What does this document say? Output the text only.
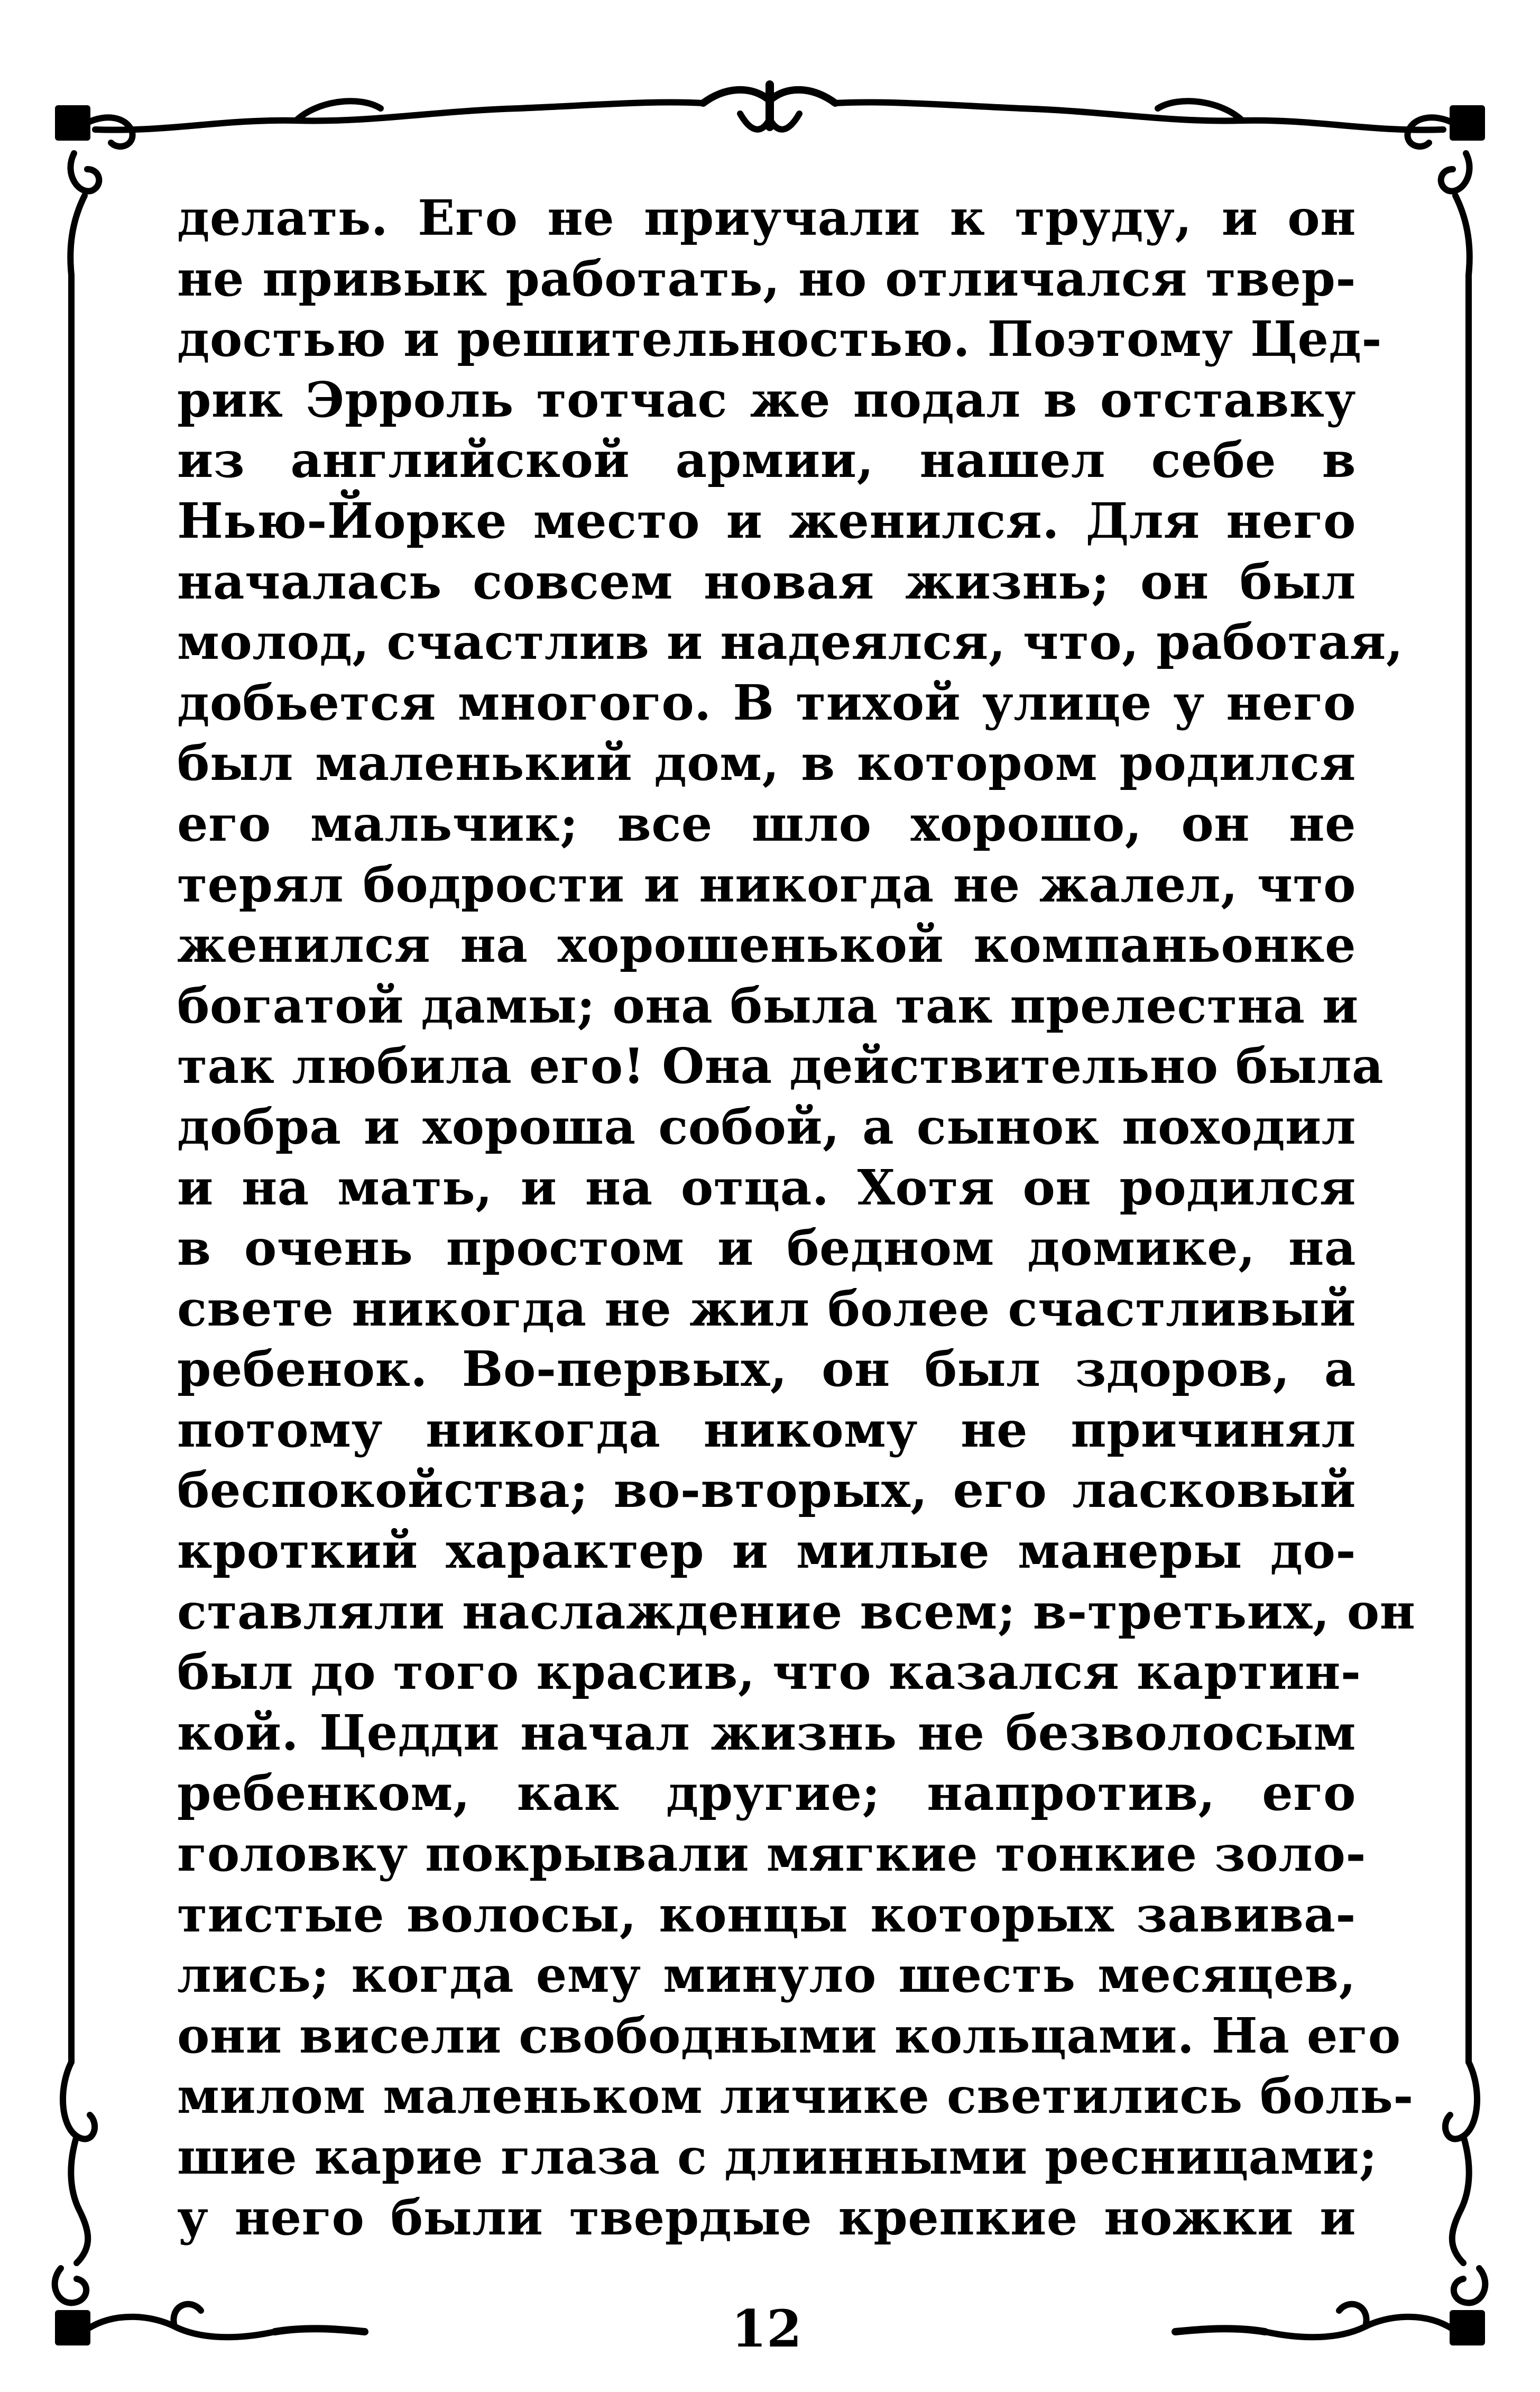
делать. Его не приучали к труду, и он
не привык работать, но отличался твер-
достью и решительностью. Поэтому Цед-
рик Эрроль тотчас же подал в отставку
из английской армии, нашел себе в
Нью-Йорке место и женился. Для него
началась совсем новая жизнь; он был
молод, счастлив и надеялся, что, работая,
добьется многого. В тихой улице у него
был маленький дом, в котором родился
его мальчик; все шло хорошо, он не
терял бодрости и никогда не жалел, что
женился на хорошенькой компаньонке
богатой дамы; она была так прелестна и
так любила его! Она действительно была
добра и хороша собой, а сынок походил
и на мать, и на отца. Хотя он родился
в очень простом и бедном домике, на
свете никогда не жил более счастливый
ребенок. Во-первых, он был здоров, а
потому никогда никому не причинял
беспокойства; во-вторых, его ласковый
кроткий характер и милые манеры до-
ставляли наслаждение всем; в-третьих, он
был до того красив, что казался картин-
кой. Цедди начал жизнь не безволосым
ребенком, как другие; напротив, его
головку покрывали мягкие тонкие золо-
тистые волосы, концы которых завива-
лись; когда ему минуло шесть месяцев,
они висели свободными кольцами. На его
милом маленьком личике светились боль-
шие карие глаза с длинными ресницами;
у него были твердые крепкие ножки и
12
